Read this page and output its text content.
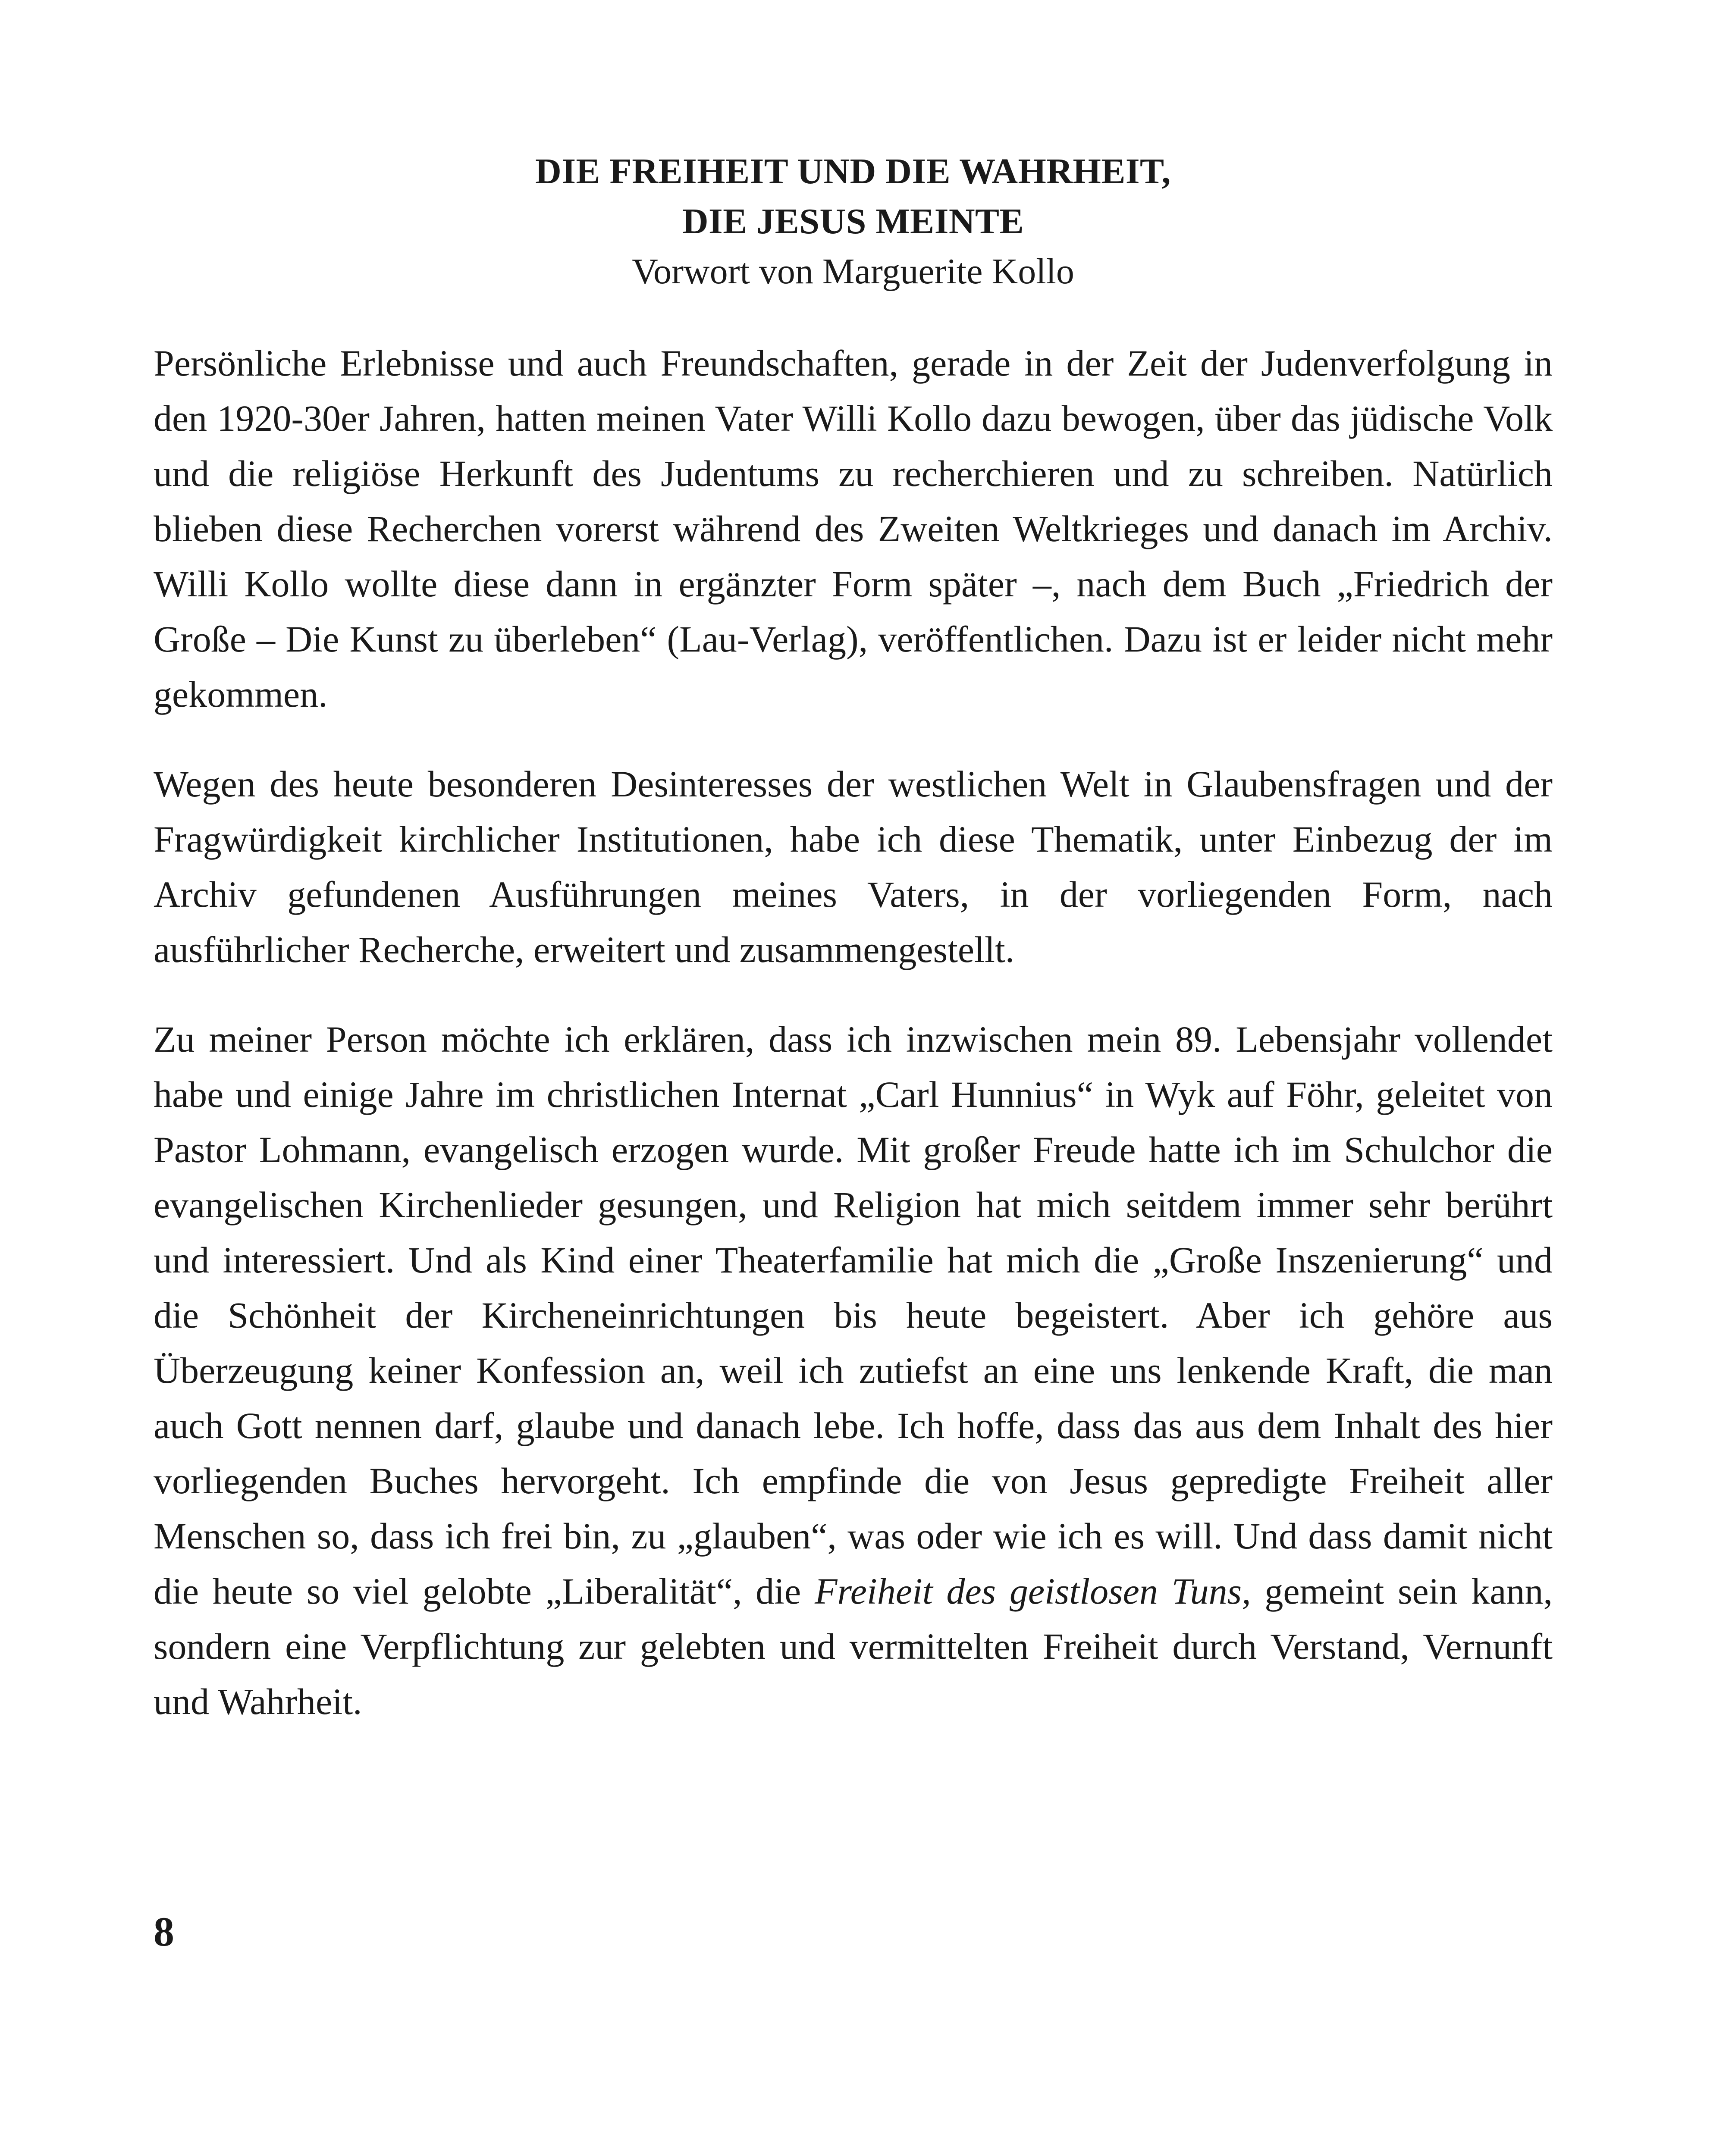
DIE FREIHEIT UND DIE WAHRHEIT,

DIE JESUS MEINTE

Vorwort von Marguerite Kollo

Persönliche Erlebnisse und auch Freundschaften, gerade in der Zeit der Judenverfolgung in den 1920-30er Jahren, hatten meinen Vater Willi Kollo dazu bewogen, über das jüdische Volk und die religiöse Herkunft des Judentums zu recherchieren und zu schreiben. Natürlich blieben diese Recherchen vorerst während des Zweiten Weltkrieges und danach im Archiv. Willi Kollo wollte diese dann in ergänzter Form später –, nach dem Buch „Friedrich der Große – Die Kunst zu überleben“ (Lau-Verlag), veröffentlichen. Dazu ist er leider nicht mehr gekommen.

Wegen des heute besonderen Desinteresses der westlichen Welt in Glaubensfragen und der Fragwürdigkeit kirchlicher Institutionen, habe ich diese Thematik, unter Einbezug der im Archiv gefundenen Ausführungen meines Vaters, in der vorliegenden Form, nach ausführlicher Recherche, erweitert und zusammengestellt.

Zu meiner Person möchte ich erklären, dass ich inzwischen mein 89. Lebensjahr vollendet habe und einige Jahre im christlichen Internat „Carl Hunnius“ in Wyk auf Föhr, geleitet von Pastor Lohmann, evangelisch erzogen wurde. Mit großer Freude hatte ich im Schulchor die evangelischen Kirchenlieder gesungen, und Religion hat mich seitdem immer sehr berührt und interessiert. Und als Kind einer Theaterfamilie hat mich die „Große Inszenierung“ und die Schönheit der Kircheneinrichtungen bis heute begeistert. Aber ich gehöre aus Überzeugung keiner Konfession an, weil ich zutiefst an eine uns lenkende Kraft, die man auch Gott nennen darf, glaube und danach lebe. Ich hoffe, dass das aus dem Inhalt des hier vorliegenden Buches hervorgeht. Ich empfinde die von Jesus gepredigte Freiheit aller Menschen so, dass ich frei bin, zu „glauben“, was oder wie ich es will. Und dass damit nicht die heute so viel gelobte „Liberalität“, die Freiheit des geistlosen Tuns, gemeint sein kann, sondern eine Verpflichtung zur gelebten und vermittelten Freiheit durch Verstand, Vernunft und Wahrheit.

8
